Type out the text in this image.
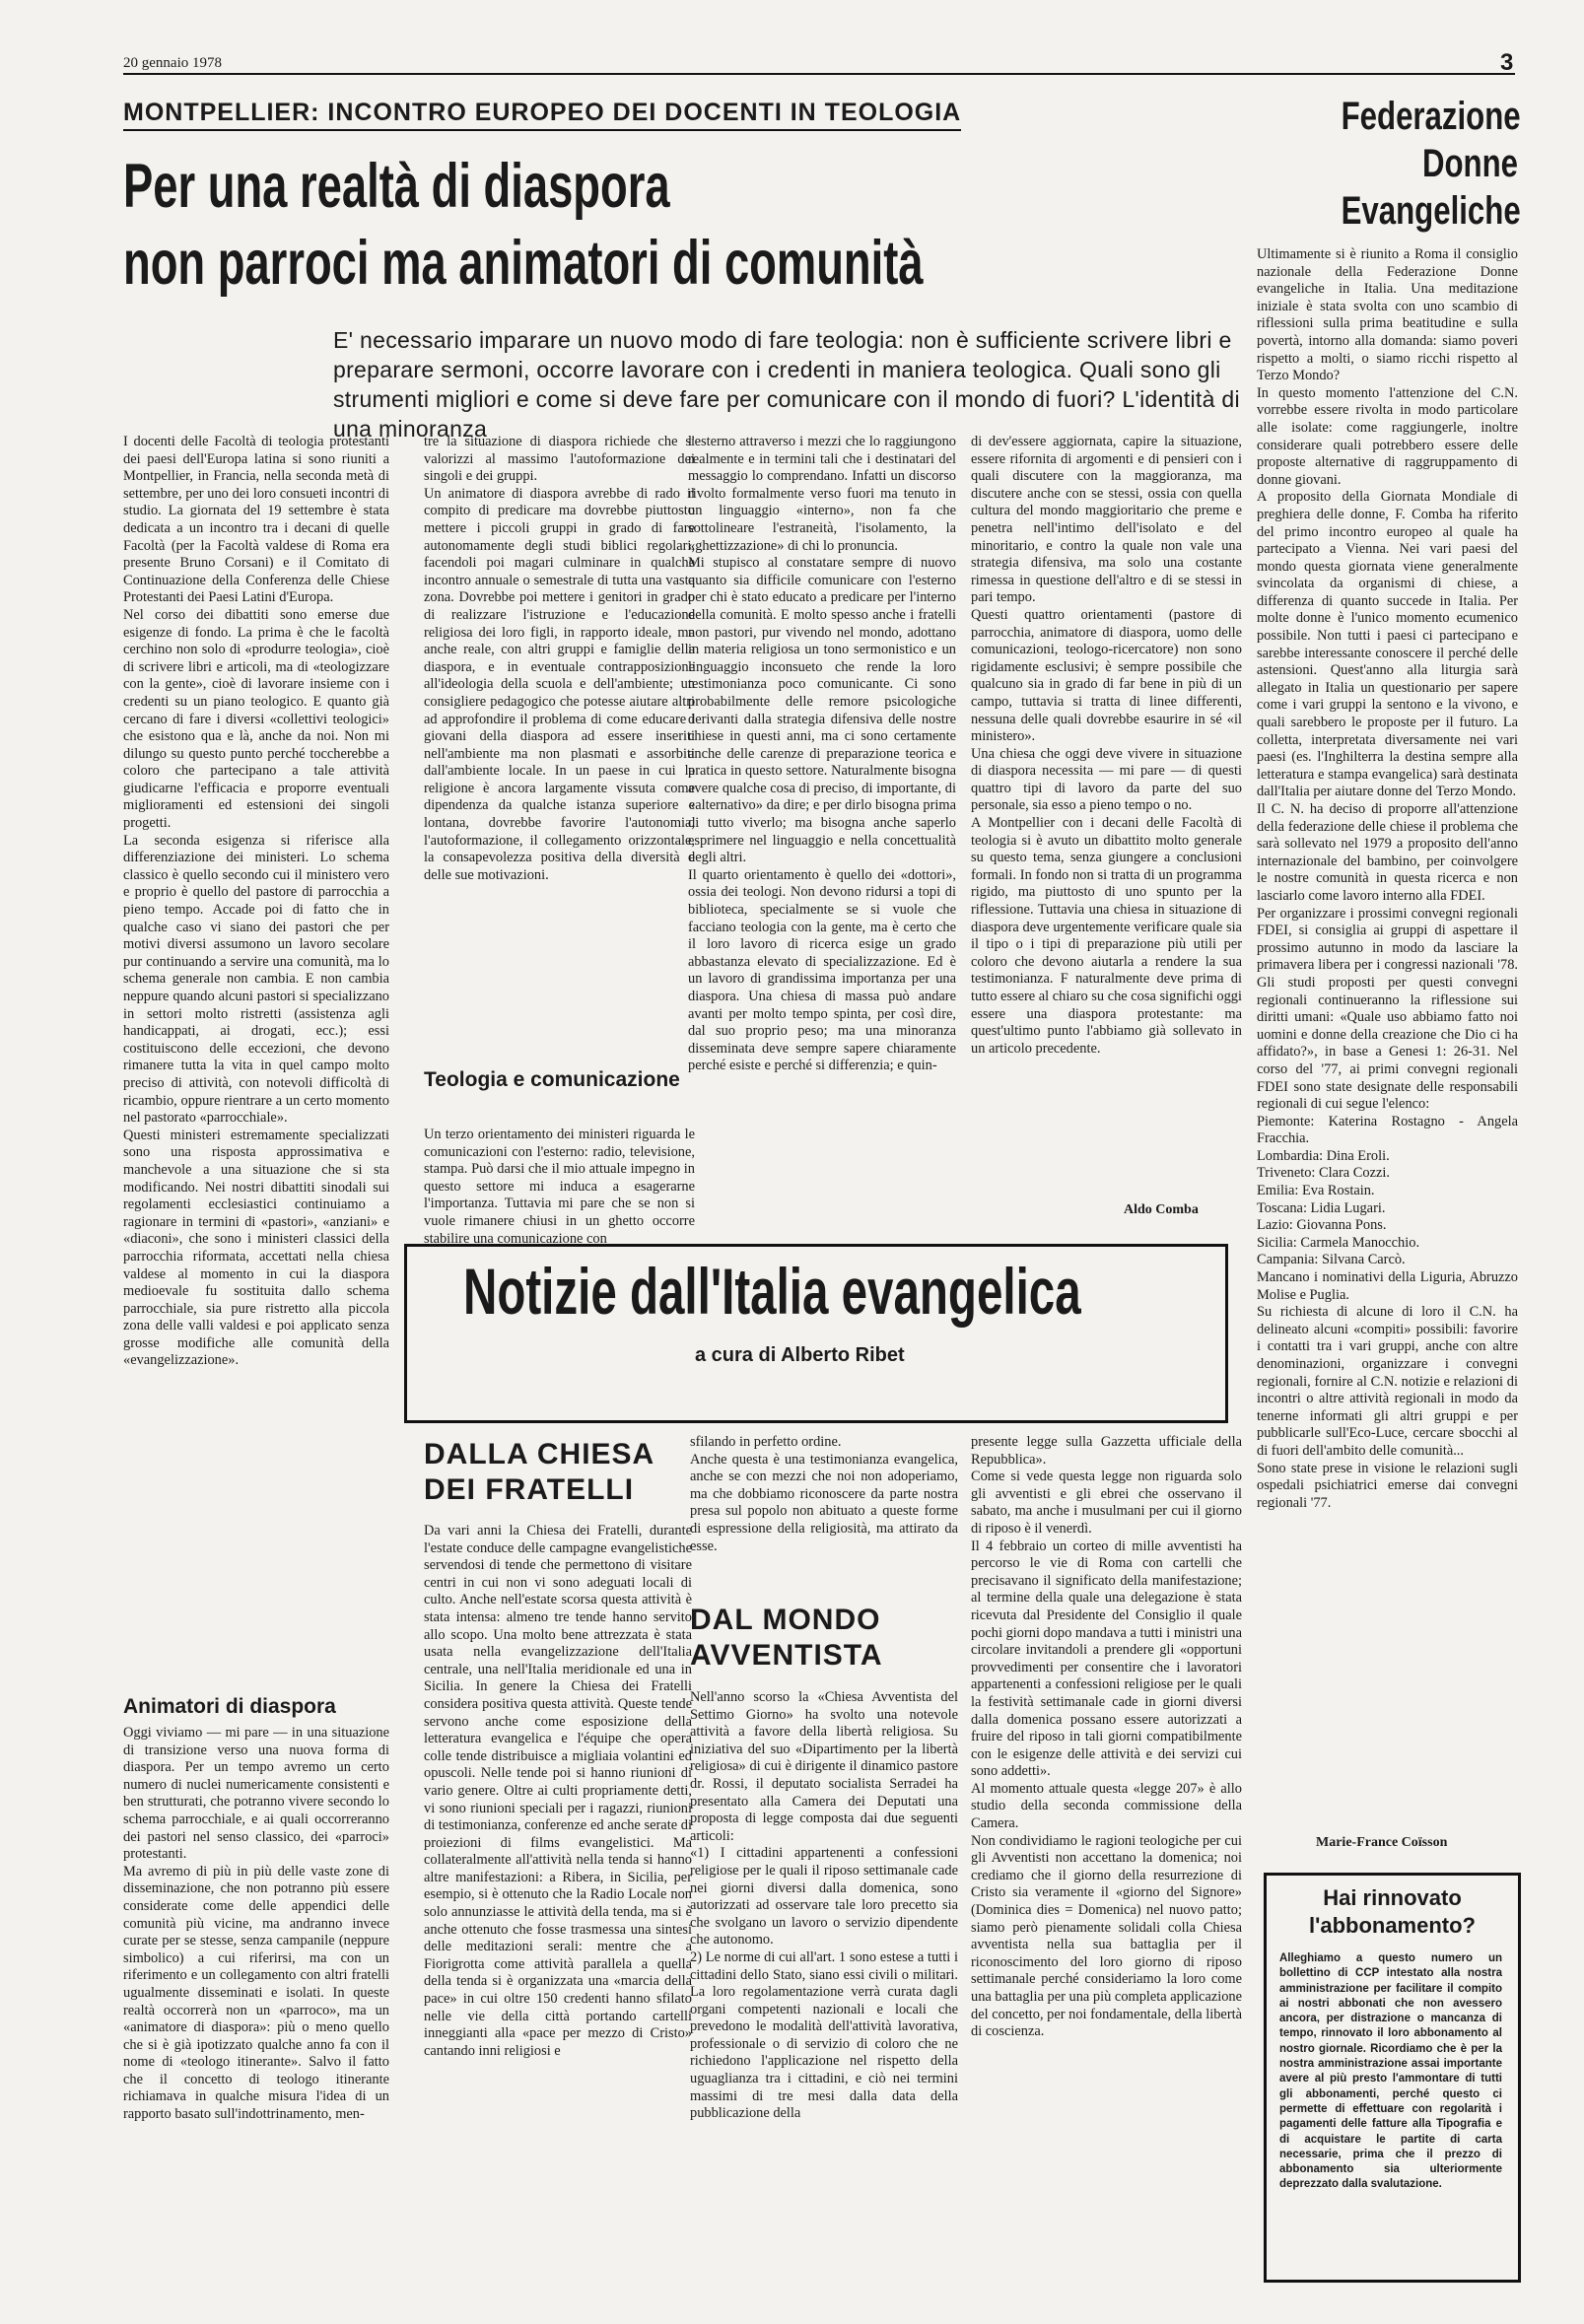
20 gennaio 1978	3
MONTPELLIER: INCONTRO EUROPEO DEI DOCENTI IN TEOLOGIA
Per una realtà di diaspora
non parroci ma animatori di comunità
E' necessario imparare un nuovo modo di fare teologia: non è sufficiente scrivere libri e preparare sermoni, occorre lavorare con i credenti in maniera teologica. Quali sono gli strumenti migliori e come si deve fare per comunicare con il mondo di fuori? L'identità di una minoranza
I docenti delle Facoltà di teologia protestanti dei paesi dell'Europa latina si sono riuniti a Montpellier, in Francia, nella seconda metà di settembre, per uno dei loro consueti incontri di studio. La giornata del 19 settembre è stata dedicata a un incontro tra i decani di quelle Facoltà (per la Facoltà valdese di Roma era presente Bruno Corsani) e il Comitato di Continuazione della Conferenza delle Chiese Protestanti dei Paesi Latini d'Europa.
Nel corso dei dibattiti sono emerse due esigenze di fondo. La prima è che le facoltà cerchino non solo di «produrre teologia», cioè di scrivere libri e articoli, ma di «teologizzare con la gente», cioè di lavorare insieme con i credenti su un piano teologico. E quanto già cercano di fare i diversi «collettivi teologici» che esistono qua e là, anche da noi. Non mi dilungo su questo punto perché toccherebbe a coloro che partecipano a tale attività giudicarne l'efficacia e proporre eventuali miglioramenti ed estensioni dei singoli progetti.
La seconda esigenza si riferisce alla differenziazione dei ministeri. Lo schema classico è quello secondo cui il ministero vero e proprio è quello del pastore di parrocchia a pieno tempo. Accade poi di fatto che in qualche caso vi siano dei pastori che per motivi diversi assumono un lavoro secolare pur continuando a servire una comunità, ma lo schema generale non cambia. E non cambia neppure quando alcuni pastori si specializzano in settori molto ristretti (assistenza agli handicappati, ai drogati, ecc.); essi costituiscono delle eccezioni, che devono rimanere tutta la vita in quel campo molto preciso di attività, con notevoli difficoltà di ricambio, oppure rientrare a un certo momento nel pastorato «parrocchiale».
Questi ministeri estremamente specializzati sono una risposta approssimativa e manchevole a una situazione che si sta modificando. Nei nostri dibattiti sinodali sui regolamenti ecclesiastici continuiamo a ragionare in termini di «pastori», «anziani» e «diaconi», che sono i ministeri classici della parrocchia riformata, accettati nella chiesa valdese al momento in cui la diaspora medioevale fu sostituita dallo schema parrocchiale, sia pure ristretto alla piccola zona delle valli valdesi e poi applicato senza grosse modifiche alle comunità della «evangelizzazione».
Animatori di diaspora
Oggi viviamo — mi pare — in una situazione di transizione verso una nuova forma di diaspora. Per un tempo avremo un certo numero di nuclei numericamente consistenti e ben strutturati, che potranno vivere secondo lo schema parrocchiale, e ai quali occorreranno dei pastori nel senso classico, dei «parroci» protestanti.
Ma avremo di più in più delle vaste zone di disseminazione, che non potranno più essere considerate come delle appendici delle comunità più vicine, ma andranno invece curate per se stesse, senza campanile (neppure simbolico) a cui riferirsi, ma con un riferimento e un collegamento con altri fratelli ugualmente disseminati e isolati. In queste realtà occorrerà non un «parroco», ma un «animatore di diaspora»: più o meno quello che si è già ipotizzato qualche anno fa con il nome di «teologo itinerante». Salvo il fatto che il concetto di teologo itinerante richiamava in qualche misura l'idea di un rapporto basato sull'indottrinamento, men-
tre la situazione di diaspora richiede che si valorizzi al massimo l'autoformazione dei singoli e dei gruppi.
Un animatore di diaspora avrebbe di rado il compito di predicare ma dovrebbe piuttosto mettere i piccoli gruppi in grado di fare autonomamente degli studi biblici regolari, facendoli poi magari culminare in qualche incontro annuale o semestrale di tutta una vasta zona. Dovrebbe poi mettere i genitori in grado di realizzare l'istruzione e l'educazione religiosa dei loro figli, in rapporto ideale, ma anche reale, con altri gruppi e famiglie della diaspora, e in eventuale contrapposizione all'ideologia della scuola e dell'ambiente; un consigliere pedagogico che potesse aiutare altri ad approfondire il problema di come educare i giovani della diaspora ad essere inseriti nell'ambiente ma non plasmati e assorbiti dall'ambiente locale. In un paese in cui la religione è ancora largamente vissuta come dipendenza da qualche istanza superiore e lontana, dovrebbe favorire l'autonomia, l'autoformazione, il collegamento orizzontale, la consapevolezza positiva della diversità e delle sue motivazioni.
Teologia e comunicazione
Un terzo orientamento dei ministeri riguarda le comunicazioni con l'esterno: radio, televisione, stampa. Può darsi che il mio attuale impegno in questo settore mi induca a esagerarne l'importanza. Tuttavia mi pare che se non si vuole rimanere chiusi in un ghetto occorre stabilire una comunicazione con
l'esterno attraverso i mezzi che lo raggiungono realmente e in termini tali che i destinatari del messaggio lo comprendano. Infatti un discorso rivolto formalmente verso fuori ma tenuto in un linguaggio «interno», non fa che sottolineare l'estraneità, l'isolamento, la «ghettizzazione» di chi lo pronuncia.
Mi stupisco al constatare sempre di nuovo quanto sia difficile comunicare con l'esterno per chi è stato educato a predicare per l'interno della comunità. E molto spesso anche i fratelli non pastori, pur vivendo nel mondo, adottano in materia religiosa un tono sermonistico e un linguaggio inconsueto che rende la loro testimonianza poco comunicante. Ci sono probabilmente delle remore psicologiche derivanti dalla strategia difensiva delle nostre chiese in questi anni, ma ci sono certamente anche delle carenze di preparazione teorica e pratica in questo settore. Naturalmente bisogna avere qualche cosa di preciso, di importante, di «alternativo» da dire; e per dirlo bisogna prima di tutto viverlo; ma bisogna anche saperlo esprimere nel linguaggio e nella concettualità degli altri.
Il quarto orientamento è quello dei «dottori», ossia dei teologi. Non devono ridursi a topi di biblioteca, specialmente se si vuole che facciano teologia con la gente, ma è certo che il loro lavoro di ricerca esige un grado abbastanza elevato di specializzazione. Ed è un lavoro di grandissima importanza per una diaspora. Una chiesa di massa può andare avanti per molto tempo spinta, per così dire, dal suo proprio peso; ma una minoranza disseminata deve sempre sapere chiaramente perché esiste e perché si differenzia; e quin-
di dev'essere aggiornata, capire la situazione, essere rifornita di argomenti e di pensieri con i quali discutere con la maggioranza, ma discutere anche con se stessi, ossia con quella cultura del mondo maggioritario che preme e penetra nell'intimo dell'isolato e del minoritario, e contro la quale non vale una strategia difensiva, ma solo una costante rimessa in questione dell'altro e di se stessi in pari tempo.
Questi quattro orientamenti (pastore di parrocchia, animatore di diaspora, uomo delle comunicazioni, teologo-ricercatore) non sono rigidamente esclusivi; è sempre possibile che qualcuno sia in grado di far bene in più di un campo, tuttavia si tratta di linee differenti, nessuna delle quali dovrebbe esaurire in sé «il ministero».
Una chiesa che oggi deve vivere in situazione di diaspora necessita — mi pare — di questi quattro tipi di lavoro da parte del suo personale, sia esso a pieno tempo o no.
A Montpellier con i decani delle Facoltà di teologia si è avuto un dibattito molto generale su questo tema, senza giungere a conclusioni formali. In fondo non si tratta di un programma rigido, ma piuttosto di uno spunto per la riflessione. Tuttavia una chiesa in situazione di diaspora deve urgentemente verificare quale sia il tipo o i tipi di preparazione più utili per coloro che devono aiutarla a rendere la sua testimonianza. F naturalmente deve prima di tutto essere al chiaro su che cosa significhi oggi essere una diaspora protestante: ma quest'ultimo punto l'abbiamo già sollevato in un articolo precedente.
Aldo Comba
Federazione
Donne
Evangeliche
Ultimamente si è riunito a Roma il consiglio nazionale della Federazione Donne evangeliche in Italia. Una meditazione iniziale è stata svolta con uno scambio di riflessioni sulla prima beatitudine e sulla povertà, intorno alla domanda: siamo poveri rispetto a molti, o siamo ricchi rispetto al Terzo Mondo?
In questo momento l'attenzione del C.N. vorrebbe essere rivolta in modo particolare alle isolate: come raggiungerle, inoltre considerare quali potrebbero essere delle proposte alternative di raggruppamento di donne giovani.
A proposito della Giornata Mondiale di preghiera delle donne, F. Comba ha riferito del primo incontro europeo al quale ha partecipato a Vienna. Nei vari paesi del mondo questa giornata viene generalmente svincolata da organismi di chiese, a differenza di quanto succede in Italia. Per molte donne è l'unico momento ecumenico possibile. Non tutti i paesi ci partecipano e sarebbe interessante conoscere il perché delle astensioni. Quest'anno alla liturgia sarà allegato in Italia un questionario per sapere come i vari gruppi la sentono e la vivono, e quali sarebbero le proposte per il futuro. La colletta, interpretata diversamente nei vari paesi (es. l'Inghilterra la destina sempre alla letteratura e stampa evangelica) sarà destinata dall'Italia per aiutare donne del Terzo Mondo.
Il C. N. ha deciso di proporre all'attenzione della federazione delle chiese il problema che sarà sollevato nel 1979 a proposito dell'anno internazionale del bambino, per coinvolgere le nostre comunità in questa ricerca e non lasciarlo come lavoro interno alla FDEI.
Per organizzare i prossimi convegni regionali FDEI, si consiglia ai gruppi di aspettare il prossimo autunno in modo da lasciare la primavera libera per i congressi nazionali '78. Gli studi proposti per questi convegni regionali continueranno la riflessione sui diritti umani: «Quale uso abbiamo fatto noi uomini e donne della creazione che Dio ci ha affidato?», in base a Genesi 1: 26-31. Nel corso del '77, ai primi convegni regionali FDEI sono state designate delle responsabili regionali di cui segue l'elenco:
Piemonte: Katerina Rostagno - Angela Fracchia.
Lombardia: Dina Eroli.
Triveneto: Clara Cozzi.
Emilia: Eva Rostain.
Toscana: Lidia Lugari.
Lazio: Giovanna Pons.
Sicilia: Carmela Manocchio.
Campania: Silvana Carcò.
Mancano i nominativi della Liguria, Abruzzo Molise e Puglia.
Su richiesta di alcune di loro il C.N. ha delineato alcuni «compiti» possibili: favorire i contatti tra i vari gruppi, anche con altre denominazioni, organizzare i convegni regionali, fornire al C.N. notizie e relazioni di incontri o altre attività regionali in modo da tenerne informati gli altri gruppi e per pubblicarle sull'Eco-Luce, cercare sbocchi al di fuori dell'ambito delle comunità...
Sono state prese in visione le relazioni sugli ospedali psichiatrici emerse dai convegni regionali '77.
Marie-France Coïsson
Notizie dall'Italia evangelica
a cura di Alberto Ribet
DALLA CHIESA DEI FRATELLI
Da vari anni la Chiesa dei Fratelli, durante l'estate conduce delle campagne evangelistiche servendosi di tende che permettono di visitare centri in cui non vi sono adeguati locali di culto. Anche nell'estate scorsa questa attività è stata intensa: almeno tre tende hanno servito allo scopo. Una molto bene attrezzata è stata usata nella evangelizzazione dell'Italia centrale, una nell'Italia meridionale ed una in Sicilia. In genere la Chiesa dei Fratelli considera positiva questa attività. Queste tende servono anche come esposizione della letteratura evangelica e l'équipe che opera colle tende distribuisce a migliaia volantini ed opuscoli. Nelle tende poi si hanno riunioni di vario genere. Oltre ai culti propriamente detti, vi sono riunioni speciali per i ragazzi, riunioni di testimonianza, conferenze ed anche serate di proiezioni di films evangelistici. Ma collateralmente all'attività nella tenda si hanno altre manifestazioni: a Ribera, in Sicilia, per esempio, si è ottenuto che la Radio Locale non solo annunziasse le attività della tenda, ma si è anche ottenuto che fosse trasmessa una sintesi delle meditazioni serali: mentre che a Fiorigrotta come attività parallela a quella della tenda si è organizzata una «marcia della pace» in cui oltre 150 credenti hanno sfilato nelle vie della città portando cartelli inneggianti alla «pace per mezzo di Cristo» cantando inni religiosi e
sfilando in perfetto ordine.
Anche questa è una testimonianza evangelica, anche se con mezzi che noi non adoperiamo, ma che dobbiamo riconoscere da parte nostra presa sul popolo non abituato a queste forme di espressione della religiosità, ma attirato da esse.
DAL MONDO AVVENTISTA
Nell'anno scorso la «Chiesa Avventista del Settimo Giorno» ha svolto una notevole attività a favore della libertà religiosa. Su iniziativa del suo «Dipartimento per la libertà religiosa» di cui è dirigente il dinamico pastore dr. Rossi, il deputato socialista Serradei ha presentato alla Camera dei Deputati una proposta di legge composta dai due seguenti articoli:
«1) I cittadini appartenenti a confessioni religiose per le quali il riposo settimanale cade nei giorni diversi dalla domenica, sono autorizzati ad osservare tale loro precetto sia che svolgano un lavoro o servizio dipendente che autonomo.
2) Le norme di cui all'art. 1 sono estese a tutti i cittadini dello Stato, siano essi civili o militari. La loro regolamentazione verrà curata dagli organi competenti nazionali e locali che prevedono le modalità dell'attività lavorativa, professionale o di servizio di coloro che ne richiedono l'applicazione nel rispetto della uguaglianza tra i cittadini, e ciò nei termini massimi di tre mesi dalla data della pubblicazione della
presente legge sulla Gazzetta ufficiale della Repubblica».
Come si vede questa legge non riguarda solo gli avventisti e gli ebrei che osservano il sabato, ma anche i musulmani per cui il giorno di riposo è il venerdì.
Il 4 febbraio un corteo di mille avventisti ha percorso le vie di Roma con cartelli che precisavano il significato della manifestazione; al termine della quale una delegazione è stata ricevuta dal Presidente del Consiglio il quale pochi giorni dopo mandava a tutti i ministri una circolare invitandoli a prendere gli «opportuni provvedimenti per consentire che i lavoratori appartenenti a confessioni religiose per le quali la festività settimanale cade in giorni diversi dalla domenica possano essere autorizzati a fruire del riposo in tali giorni compatibilmente con le esigenze delle attività e dei servizi cui sono addetti».
Al momento attuale questa «legge 207» è allo studio della seconda commissione della Camera.
Non condividiamo le ragioni teologiche per cui gli Avventisti non accettano la domenica; noi crediamo che il giorno della resurrezione di Cristo sia veramente il «giorno del Signore» (Dominica dies = Domenica) nel nuovo patto; siamo però pienamente solidali colla Chiesa avventista nella sua battaglia per il riconoscimento del loro giorno di riposo settimanale perché consideriamo la loro come una battaglia per una più completa applicazione del concetto, per noi fondamentale, della libertà di coscienza.
Hai rinnovato l'abbonamento?
Alleghiamo a questo numero un bollettino di CCP intestato alla nostra amministrazione per facilitare il compito ai nostri abbonati che non avessero ancora, per distrazione o mancanza di tempo, rinnovato il loro abbonamento al nostro giornale. Ricordiamo che è per la nostra amministrazione assai importante avere al più presto l'ammontare di tutti gli abbonamenti, perché questo ci permette di effettuare con regolarità i pagamenti delle fatture alla Tipografia e di acquistare le partite di carta necessarie, prima che il prezzo di abbonamento sia ulteriormente deprezzato dalla svalutazione.
